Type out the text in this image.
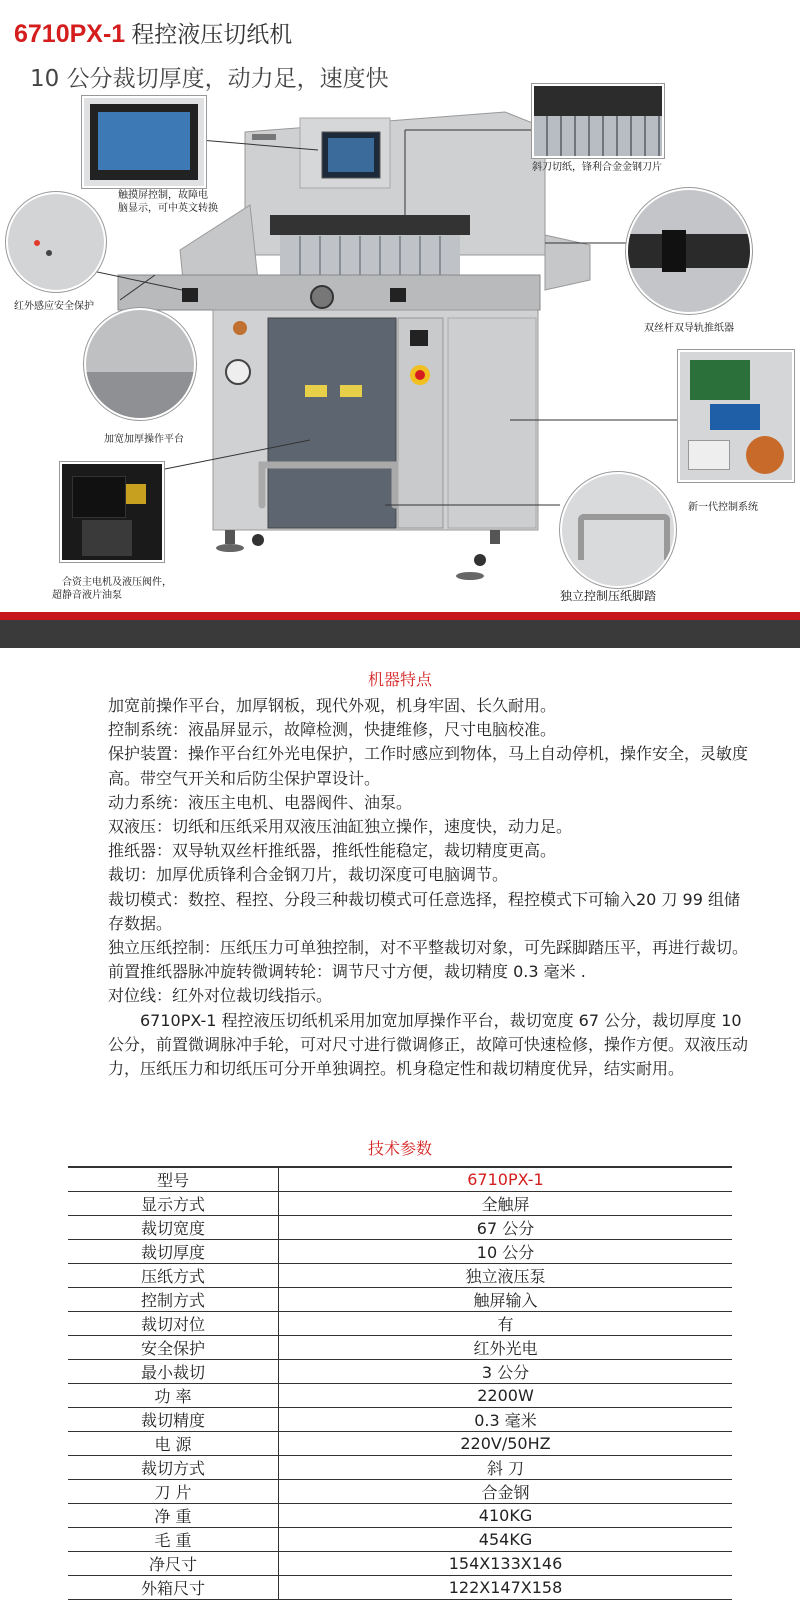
6710PX-1 程控液压切纸机
10 公分裁切厚度，动力足，速度快
触摸屏控制，故障电
脑显示，可中英文转换
斜刀切纸，锋利合金金钢刀片
红外感应安全保护
双丝杆双导轨推纸器
加宽加厚操作平台
新一代控制系统
合资主电机及液压阀件，
超静音液片油泵	独立控制压纸脚踏
机器特点

加宽前操作平台，加厚钢板，现代外观，机身牢固、长久耐用。

控制系统：液晶屏显示，故障检测，快捷维修，尺寸电脑校准。

保护装置：操作平台红外光电保护，工作时感应到物体，马上自动停机，操作安全，灵敏度高。带空气开关和后防尘保护罩设计。

动力系统：液压主电机、电器阀件、油泵。

双液压：切纸和压纸采用双液压油缸独立操作，速度快，动力足。

推纸器：双导轨双丝杆推纸器，推纸性能稳定，裁切精度更高。

裁切：加厚优质锋利合金钢刀片，裁切深度可电脑调节。

裁切模式：数控、程控、分段三种裁切模式可任意选择，程控模式下可输入20 刀 99 组储存数据。

独立压纸控制：压纸压力可单独控制，对不平整裁切对象，可先踩脚踏压平，再进行裁切。

前置推纸器脉冲旋转微调转轮：调节尺寸方便，裁切精度 0.3 毫米 .

对位线：红外对位裁切线指示。

6710PX-1 程控液压切纸机采用加宽加厚操作平台，裁切宽度 67 公分，裁切厚度 10 公分，前置微调脉冲手轮，可对尺寸进行微调修正，故障可快速检修，操作方便。双液压动力，压纸压力和切纸压可分开单独调控。机身稳定性和裁切精度优异，结实耐用。

技术参数
型号	6710PX-1
显示方式	全触屏
裁切宽度	67 公分
裁切厚度	10 公分
压纸方式	独立液压泵
控制方式	触屏输入
裁切对位	有
安全保护	红外光电
最小裁切	3 公分
功 率	2200W
裁切精度	0.3 毫米
电 源	220V/50HZ
裁切方式	斜 刀
刀 片	合金钢
净 重	410KG
毛 重	454KG
净尺寸	154X133X146
外箱尺寸	122X147X158
